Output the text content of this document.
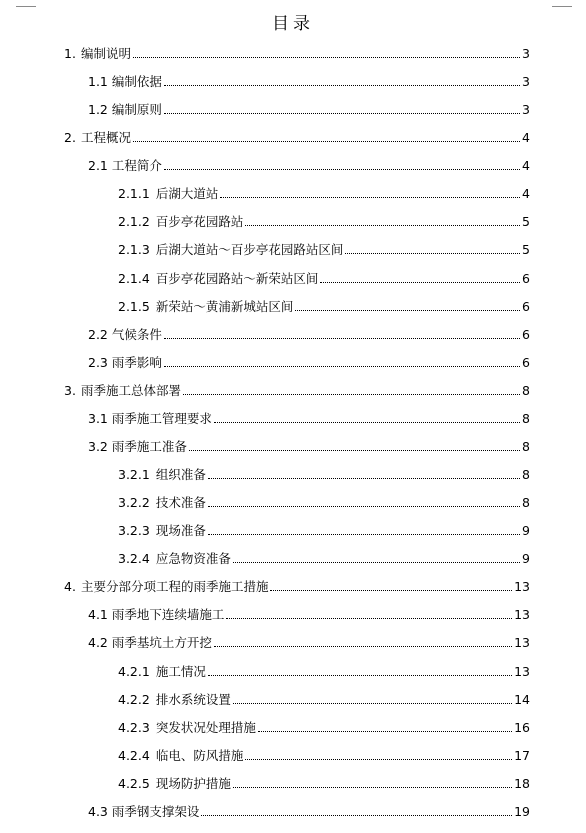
目录
1. 编制说明	3
1.1 编制依据	3
1.2 编制原则	3
2. 工程概况	4
2.1 工程简介	4
2.1.1 后湖大道站	4
2.1.2 百步亭花园路站	5
2.1.3 后湖大道站～百步亭花园路站区间	5
2.1.4 百步亭花园路站～新荣站区间	6
2.1.5 新荣站～黄浦新城站区间	6
2.2 气候条件	6
2.3 雨季影响	6
3. 雨季施工总体部署	8
3.1 雨季施工管理要求	8
3.2 雨季施工准备	8
3.2.1 组织准备	8
3.2.2 技术准备	8
3.2.3 现场准备	9
3.2.4 应急物资准备	9
4. 主要分部分项工程的雨季施工措施	13
4.1 雨季地下连续墙施工	13
4.2 雨季基坑土方开挖	13
4.2.1 施工情况	13
4.2.2 排水系统设置	14
4.2.3 突发状况处理措施	16
4.2.4 临电、防风措施	17
4.2.5 现场防护措施	18
4.3 雨季钢支撑架设	19
